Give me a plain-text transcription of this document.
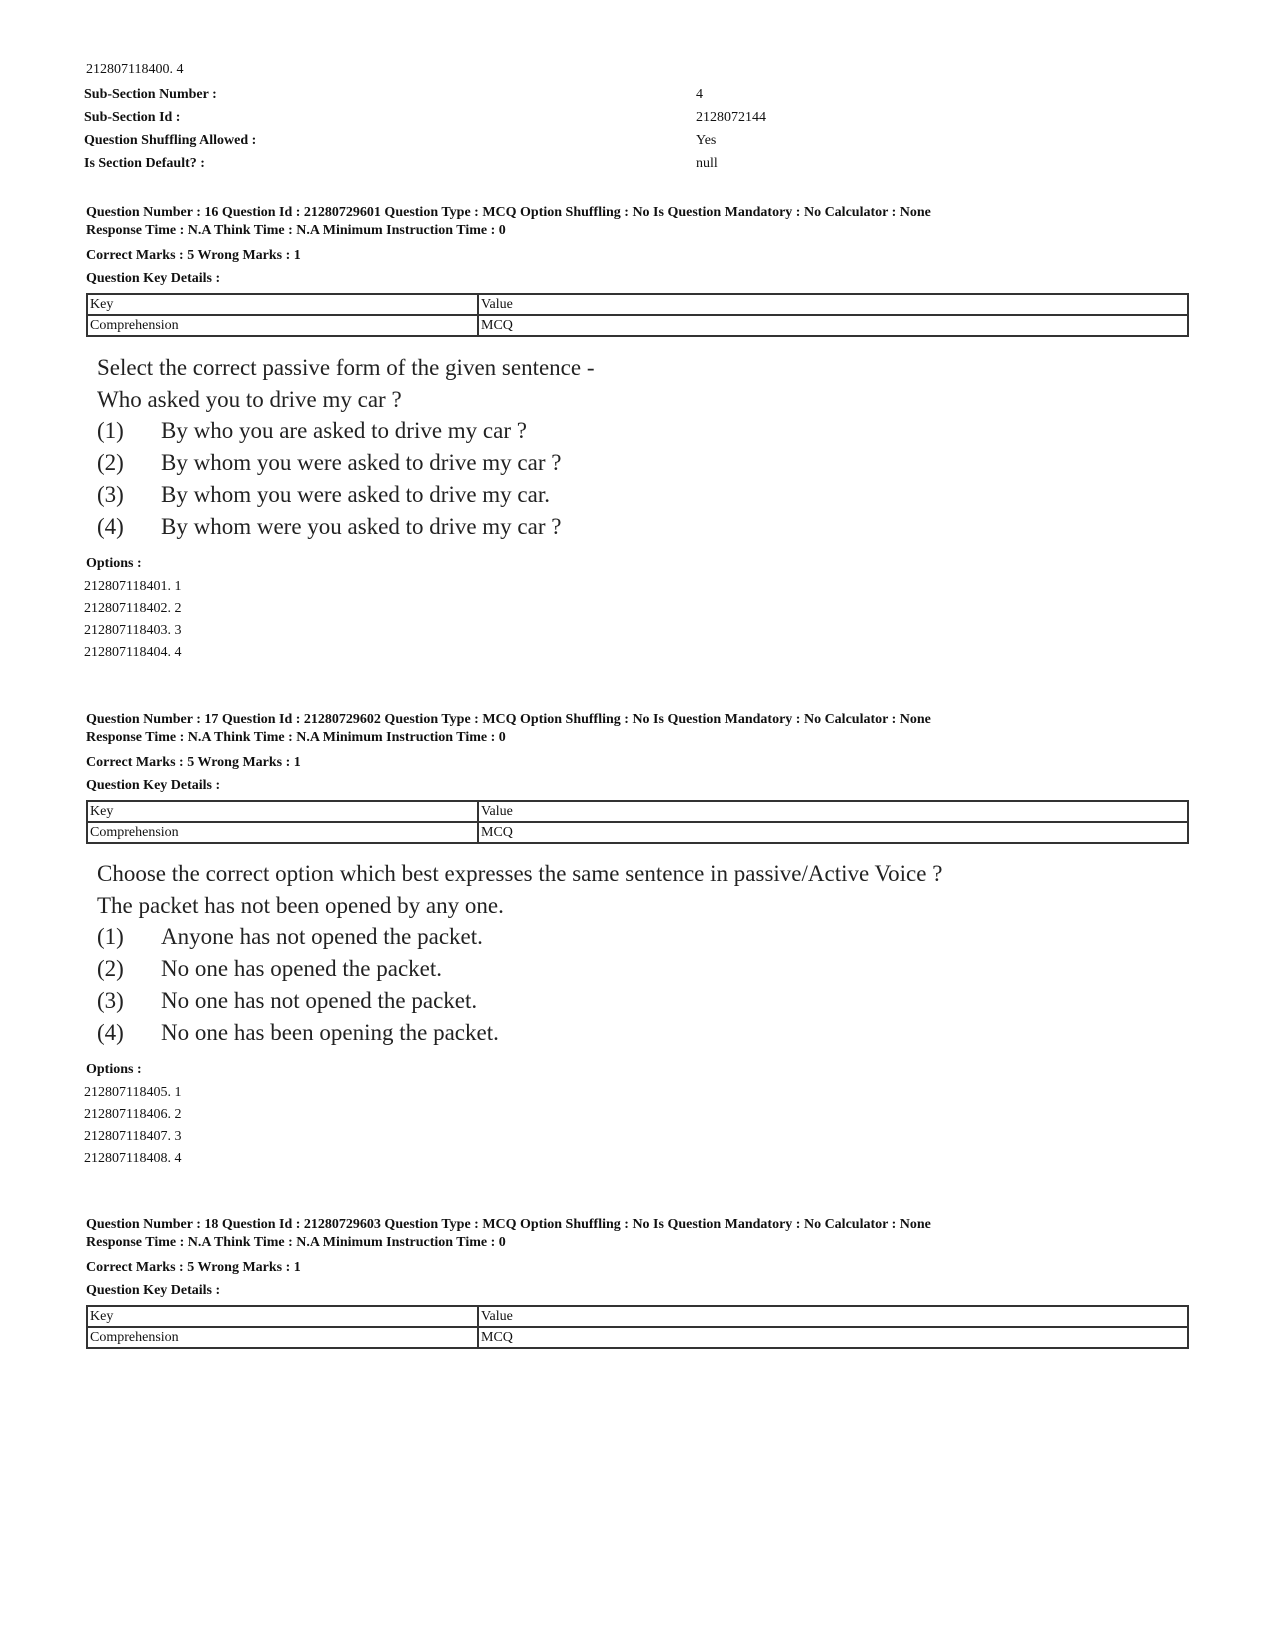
212807118400. 4
Sub-Section Number :	4
Sub-Section Id :	2128072144
Question Shuffling Allowed :	Yes
Is Section Default? :	null
Question Number : 16 Question Id : 21280729601 Question Type : MCQ Option Shuffling : No Is Question Mandatory : No Calculator : None
Response Time : N.A Think Time : N.A Minimum Instruction Time : 0
Correct Marks : 5 Wrong Marks : 1
Question Key Details :
Key	Value
Comprehension	MCQ
Select the correct passive form of the given sentence -
Who asked you to drive my car ?
(1) By who you are asked to drive my car ?
(2) By whom you were asked to drive my car ?
(3) By whom you were asked to drive my car.
(4) By whom were you asked to drive my car ?
Options :
212807118401. 1
212807118402. 2
212807118403. 3
212807118404. 4
Question Number : 17 Question Id : 21280729602 Question Type : MCQ Option Shuffling : No Is Question Mandatory : No Calculator : None
Response Time : N.A Think Time : N.A Minimum Instruction Time : 0
Correct Marks : 5 Wrong Marks : 1
Question Key Details :
Key	Value
Comprehension	MCQ
Choose the correct option which best expresses the same sentence in passive/Active Voice ?
The packet has not been opened by any one.
(1) Anyone has not opened the packet.
(2) No one has opened the packet.
(3) No one has not opened the packet.
(4) No one has been opening the packet.
Options :
212807118405. 1
212807118406. 2
212807118407. 3
212807118408. 4
Question Number : 18 Question Id : 21280729603 Question Type : MCQ Option Shuffling : No Is Question Mandatory : No Calculator : None
Response Time : N.A Think Time : N.A Minimum Instruction Time : 0
Correct Marks : 5 Wrong Marks : 1
Question Key Details :
Key	Value
Comprehension	MCQ
